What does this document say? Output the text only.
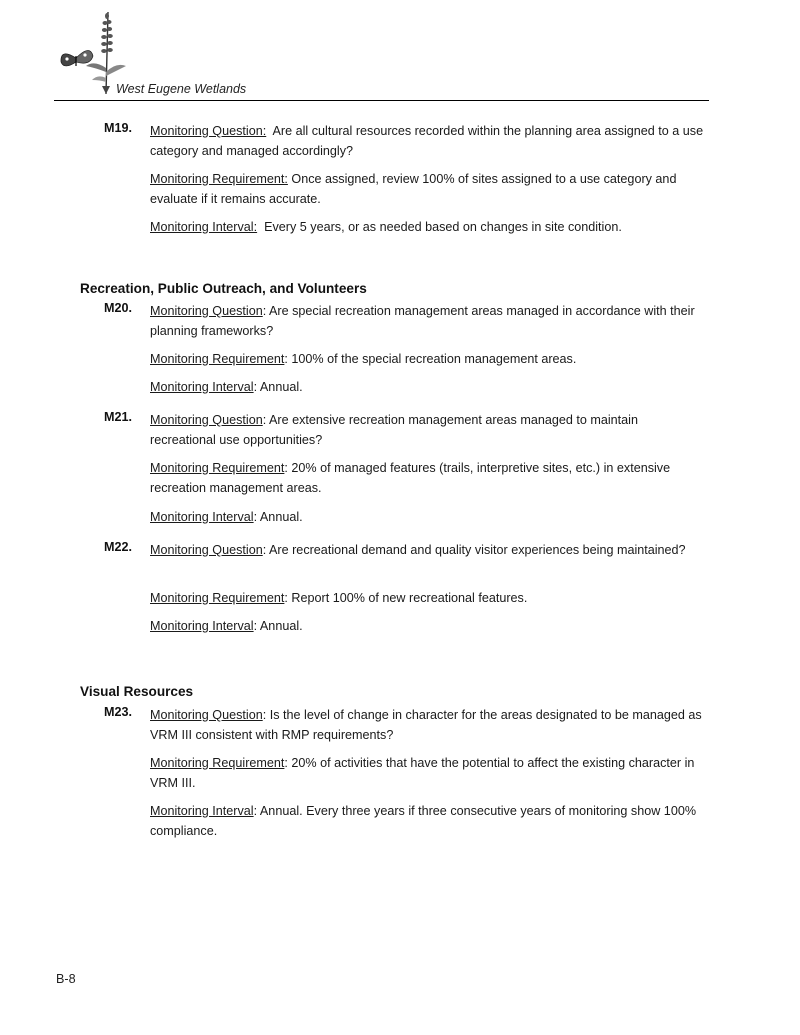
West Eugene Wetlands
M19. Monitoring Question: Are all cultural resources recorded within the planning area assigned to a use category and managed accordingly?
Monitoring Requirement: Once assigned, review 100% of sites assigned to a use category and evaluate if it remains accurate.
Monitoring Interval: Every 5 years, or as needed based on changes in site condition.
Recreation, Public Outreach, and Volunteers
M20. Monitoring Question: Are special recreation management areas managed in accordance with their planning frameworks?
Monitoring Requirement: 100% of the special recreation management areas.
Monitoring Interval: Annual.
M21. Monitoring Question: Are extensive recreation management areas managed to maintain recreational use opportunities?
Monitoring Requirement: 20% of managed features (trails, interpretive sites, etc.) in extensive recreation management areas.
Monitoring Interval: Annual.
M22. Monitoring Question: Are recreational demand and quality visitor experiences being maintained?
Monitoring Requirement: Report 100% of new recreational features.
Monitoring Interval: Annual.
Visual Resources
M23. Monitoring Question: Is the level of change in character for the areas designated to be managed as VRM III consistent with RMP requirements?
Monitoring Requirement: 20% of activities that have the potential to affect the existing character in VRM III.
Monitoring Interval: Annual. Every three years if three consecutive years of monitoring show 100% compliance.
B-8
